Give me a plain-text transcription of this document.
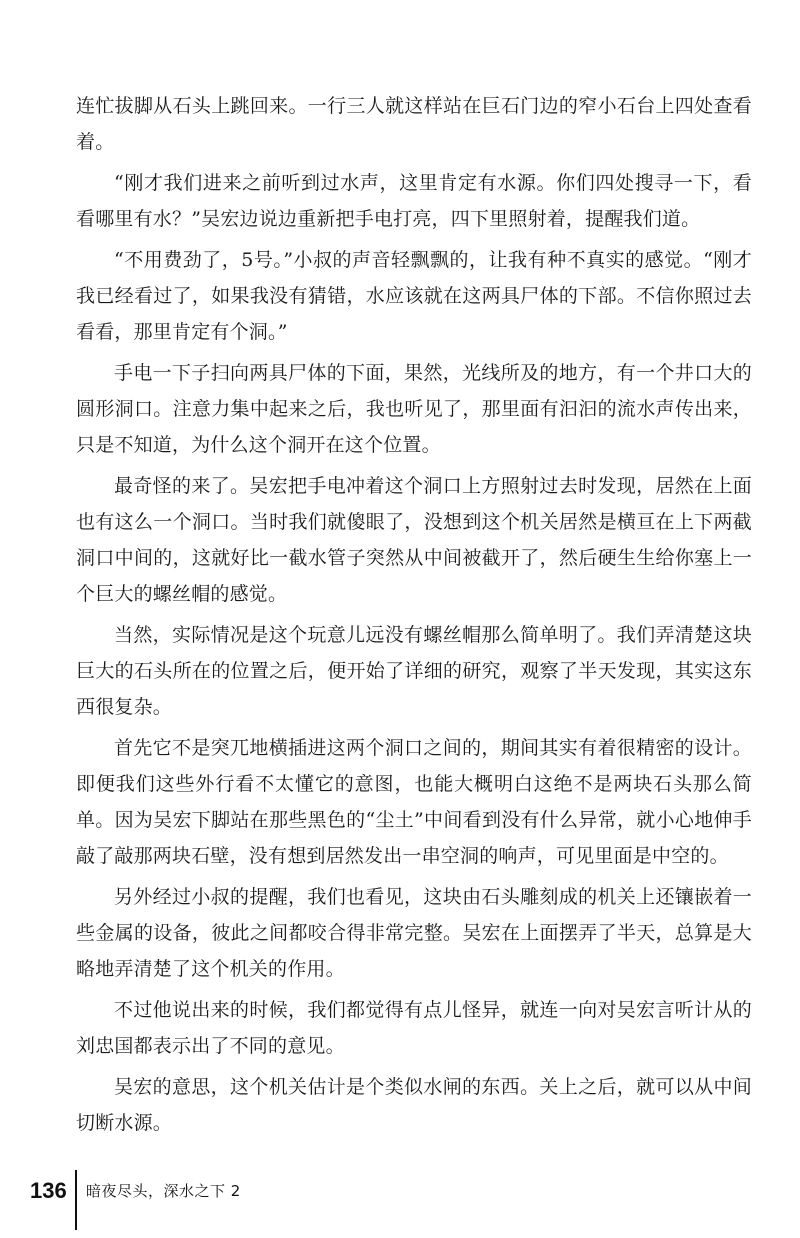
连忙拔脚从石头上跳回来。一行三人就这样站在巨石门边的窄小石台上四处查看着。

“刚才我们进来之前听到过水声，这里肯定有水源。你们四处搜寻一下，看看哪里有水？”吴宏边说边重新把手电打亮，四下里照射着，提醒我们道。

“不用费劲了，5号。”小叔的声音轻飘飘的，让我有种不真实的感觉。“刚才我已经看过了，如果我没有猜错，水应该就在这两具尸体的下部。不信你照过去看看，那里肯定有个洞。”

手电一下子扫向两具尸体的下面，果然，光线所及的地方，有一个井口大的圆形洞口。注意力集中起来之后，我也听见了，那里面有汩汩的流水声传出来，只是不知道，为什么这个洞开在这个位置。

最奇怪的来了。吴宏把手电冲着这个洞口上方照射过去时发现，居然在上面也有这么一个洞口。当时我们就傻眼了，没想到这个机关居然是横亘在上下两截洞口中间的，这就好比一截水管子突然从中间被截开了，然后硬生生给你塞上一个巨大的螺丝帽的感觉。

当然，实际情况是这个玩意儿远没有螺丝帽那么简单明了。我们弄清楚这块巨大的石头所在的位置之后，便开始了详细的研究，观察了半天发现，其实这东西很复杂。

首先它不是突兀地横插进这两个洞口之间的，期间其实有着很精密的设计。即便我们这些外行看不太懂它的意图，也能大概明白这绝不是两块石头那么简单。因为吴宏下脚站在那些黑色的“尘土”中间看到没有什么异常，就小心地伸手敲了敲那两块石壁，没有想到居然发出一串空洞的响声，可见里面是中空的。

另外经过小叔的提醒，我们也看见，这块由石头雕刻成的机关上还镶嵌着一些金属的设备，彼此之间都咬合得非常完整。吴宏在上面摆弄了半天，总算是大略地弄清楚了这个机关的作用。

不过他说出来的时候，我们都觉得有点儿怪异，就连一向对吴宏言听计从的刘忠国都表示出了不同的意见。

吴宏的意思，这个机关估计是个类似水闸的东西。关上之后，就可以从中间切断水源。

136 暗夜尽头，深水之下 2
